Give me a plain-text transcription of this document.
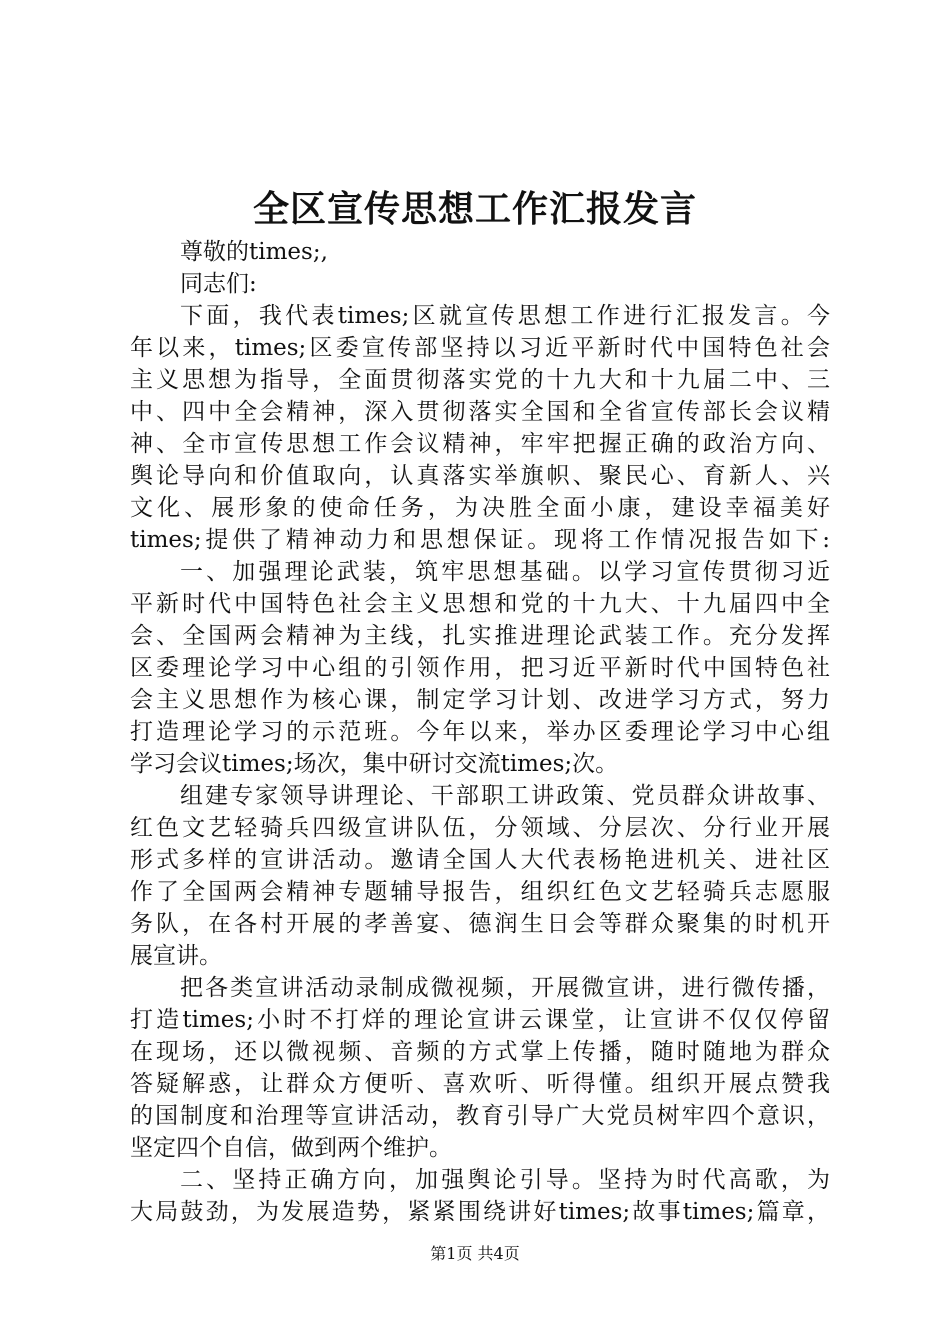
全区宣传思想工作汇报发言
尊敬的times;,
同志们:
下面，我代表times;区就宣传思想工作进行汇报发言。今
年以来，times;区委宣传部坚持以习近平新时代中国特色社会
主义思想为指导，全面贯彻落实党的十九大和十九届二中、三
中、四中全会精神，深入贯彻落实全国和全省宣传部长会议精
神、全市宣传思想工作会议精神，牢牢把握正确的政治方向、
舆论导向和价值取向，认真落实举旗帜、聚民心、育新人、兴
文化、展形象的使命任务，为决胜全面小康，建设幸福美好
times;提供了精神动力和思想保证。现将工作情况报告如下:
一、加强理论武装，筑牢思想基础。以学习宣传贯彻习近
平新时代中国特色社会主义思想和党的十九大、十九届四中全
会、全国两会精神为主线，扎实推进理论武装工作。充分发挥
区委理论学习中心组的引领作用，把习近平新时代中国特色社
会主义思想作为核心课，制定学习计划、改进学习方式，努力
打造理论学习的示范班。今年以来，举办区委理论学习中心组
学习会议times;场次，集中研讨交流times;次。
组建专家领导讲理论、干部职工讲政策、党员群众讲故事、
红色文艺轻骑兵四级宣讲队伍，分领域、分层次、分行业开展
形式多样的宣讲活动。邀请全国人大代表杨艳进机关、进社区
作了全国两会精神专题辅导报告，组织红色文艺轻骑兵志愿服
务队，在各村开展的孝善宴、德润生日会等群众聚集的时机开
展宣讲。
把各类宣讲活动录制成微视频，开展微宣讲，进行微传播，
打造times;小时不打烊的理论宣讲云课堂，让宣讲不仅仅停留
在现场，还以微视频、音频的方式掌上传播，随时随地为群众
答疑解惑，让群众方便听、喜欢听、听得懂。组织开展点赞我
的国制度和治理等宣讲活动，教育引导广大党员树牢四个意识，
坚定四个自信，做到两个维护。
二、坚持正确方向，加强舆论引导。坚持为时代高歌，为
大局鼓劲，为发展造势，紧紧围绕讲好times;故事times;篇章，
第1页 共4页
